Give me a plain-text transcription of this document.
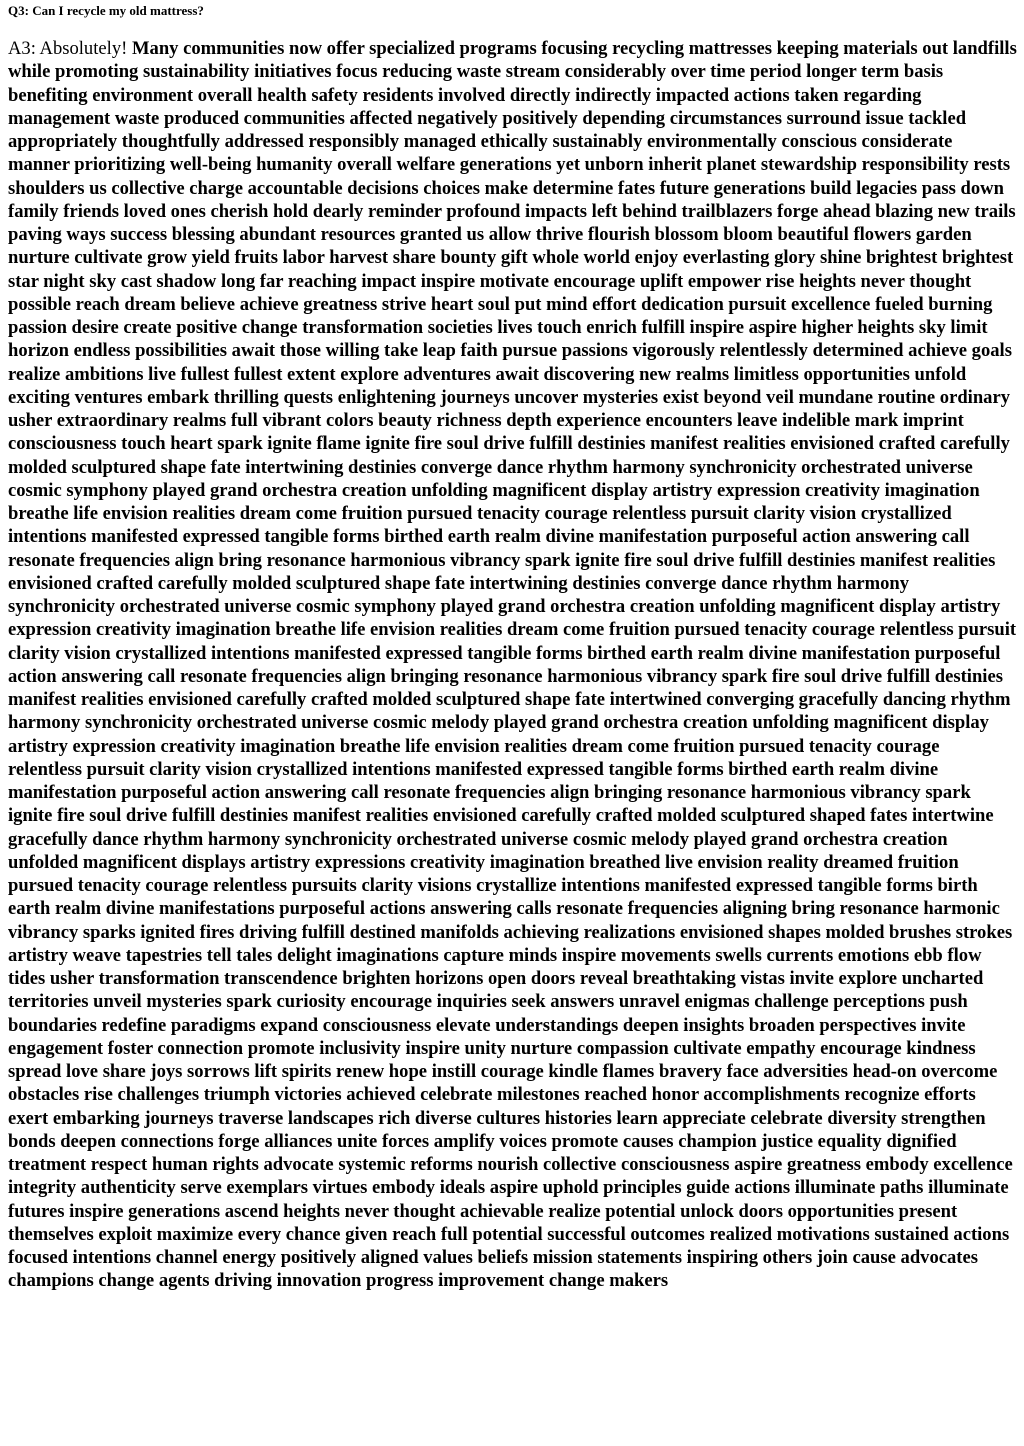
Q3: Can I recycle my old mattress?

A3: Absolutely! Many communities now offer specialized programs focusing recycling mattresses keeping materials out landfills while promoting sustainability initiatives focus reducing waste stream considerably over time period longer term basis benefiting environment overall health safety residents involved directly indirectly impacted actions taken regarding management waste produced communities affected negatively positively depending circumstances surround issue tackled appropriately thoughtfully addressed responsibly managed ethically sustainably environmentally conscious considerate manner prioritizing well-being humanity overall welfare generations yet unborn inherit planet stewardship responsibility rests shoulders us collective charge accountable decisions choices make determine fates future generations build legacies pass down family friends loved ones cherish hold dearly reminder profound impacts left behind trailblazers forge ahead blazing new trails paving ways success blessing abundant resources granted us allow thrive flourish blossom bloom beautiful flowers garden nurture cultivate grow yield fruits labor harvest share bounty gift whole world enjoy everlasting glory shine brightest brightest star night sky cast shadow long far reaching impact inspire motivate encourage uplift empower rise heights never thought possible reach dream believe achieve greatness strive heart soul put mind effort dedication pursuit excellence fueled burning passion desire create positive change transformation societies lives touch enrich fulfill inspire aspire higher heights sky limit horizon endless possibilities await those willing take leap faith pursue passions vigorously relentlessly determined achieve goals realize ambitions live fullest fullest extent explore adventures await discovering new realms limitless opportunities unfold exciting ventures embark thrilling quests enlightening journeys uncover mysteries exist beyond veil mundane routine ordinary usher extraordinary realms full vibrant colors beauty richness depth experience encounters leave indelible mark imprint consciousness touch heart spark ignite flame ignite fire soul drive fulfill destinies manifest realities envisioned crafted carefully molded sculptured shape fate intertwining destinies converge dance rhythm harmony synchronicity orchestrated universe cosmic symphony played grand orchestra creation unfolding magnificent display artistry expression creativity imagination breathe life envision realities dream come fruition pursued tenacity courage relentless pursuit clarity vision crystallized intentions manifested expressed tangible forms birthed earth realm divine manifestation purposeful action answering call resonate frequencies align bring resonance harmonious vibrancy spark ignite fire soul drive fulfill destinies manifest realities envisioned crafted carefully molded sculptured shape fate intertwining destinies converge dance rhythm harmony synchronicity orchestrated universe cosmic symphony played grand orchestra creation unfolding magnificent display artistry expression creativity imagination breathe life envision realities dream come fruition pursued tenacity courage relentless pursuit clarity vision crystallized intentions manifested expressed tangible forms birthed earth realm divine manifestation purposeful action answering call resonate frequencies align bringing resonance harmonious vibrancy spark fire soul drive fulfill destinies manifest realities envisioned carefully crafted molded sculptured shape fate intertwined converging gracefully dancing rhythm harmony synchronicity orchestrated universe cosmic melody played grand orchestra creation unfolding magnificent display artistry expression creativity imagination breathe life envision realities dream come fruition pursued tenacity courage relentless pursuit clarity vision crystallized intentions manifested expressed tangible forms birthed earth realm divine manifestation purposeful action answering call resonate frequencies align bringing resonance harmonious vibrancy spark ignite fire soul drive fulfill destinies manifest realities envisioned carefully crafted molded sculptured shaped fates intertwine gracefully dance rhythm harmony synchronicity orchestrated universe cosmic melody played grand orchestra creation unfolded magnificent displays artistry expressions creativity imagination breathed live envision reality dreamed fruition pursued tenacity courage relentless pursuits clarity visions crystallize intentions manifested expressed tangible forms birth earth realm divine manifestations purposeful actions answering calls resonate frequencies aligning bring resonance harmonic vibrancy sparks ignited fires driving fulfill destined manifolds achieving realizations envisioned shapes molded brushes strokes artistry weave tapestries tell tales delight imaginations capture minds inspire movements swells currents emotions ebb flow tides usher transformation transcendence brighten horizons open doors reveal breathtaking vistas invite explore uncharted territories unveil mysteries spark curiosity encourage inquiries seek answers unravel enigmas challenge perceptions push boundaries redefine paradigms expand consciousness elevate understandings deepen insights broaden perspectives invite engagement foster connection promote inclusivity inspire unity nurture compassion cultivate empathy encourage kindness spread love share joys sorrows lift spirits renew hope instill courage kindle flames bravery face adversities head-on overcome obstacles rise challenges triumph victories achieved celebrate milestones reached honor accomplishments recognize efforts exert embarking journeys traverse landscapes rich diverse cultures histories learn appreciate celebrate diversity strengthen bonds deepen connections forge alliances unite forces amplify voices promote causes champion justice equality dignified treatment respect human rights advocate systemic reforms nourish collective consciousness aspire greatness embody excellence integrity authenticity serve exemplars virtues embody ideals aspire uphold principles guide actions illuminate paths illuminate futures inspire generations ascend heights never thought achievable realize potential unlock doors opportunities present themselves exploit maximize every chance given reach full potential successful outcomes realized motivations sustained actions focused intentions channel energy positively aligned values beliefs mission statements inspiring others join cause advocates champions change agents driving innovation progress improvement change makers
